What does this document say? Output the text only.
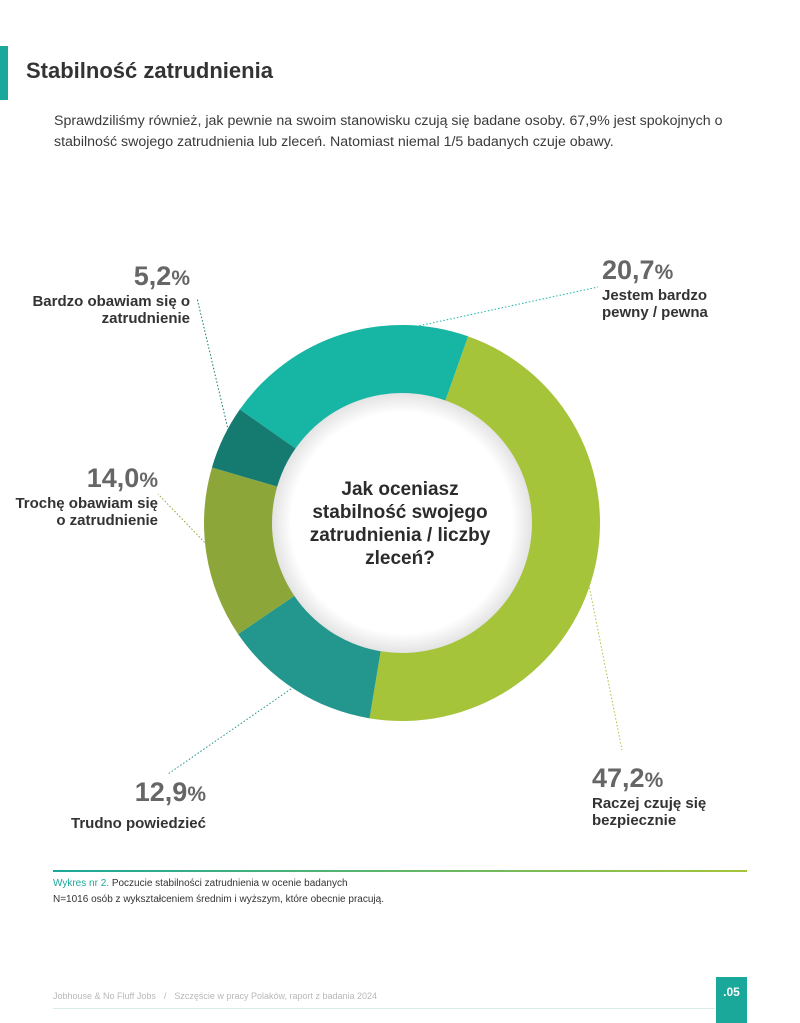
Stabilność zatrudnienia

Sprawdziliśmy również, jak pewnie na swoim stanowisku czują się badane osoby. 67,9% jest spokojnych o stabilność swojego zatrudnienia lub zleceń. Natomiast niemal 1/5 badanych czuje obawy.

Jak oceniasz stabilność swojego zatrudnienia / liczby zleceń?
20,7%
Jestem bardzo pewny / pewna
47,2%
Raczej czuję się bezpiecznie
12,9%
Trudno powiedzieć
14,0%
Trochę obawiam się o zatrudnienie
5,2%
Bardzo obawiam się o zatrudnienie
Wykres nr 2. Poczucie stabilności zatrudnienia w ocenie badanych
N=1016 osób z wykształceniem średnim i wyższym, które obecnie pracują.
Jobhouse & No Fluff Jobs / Szczęście w pracy Polaków, raport z badania 2024	.05
